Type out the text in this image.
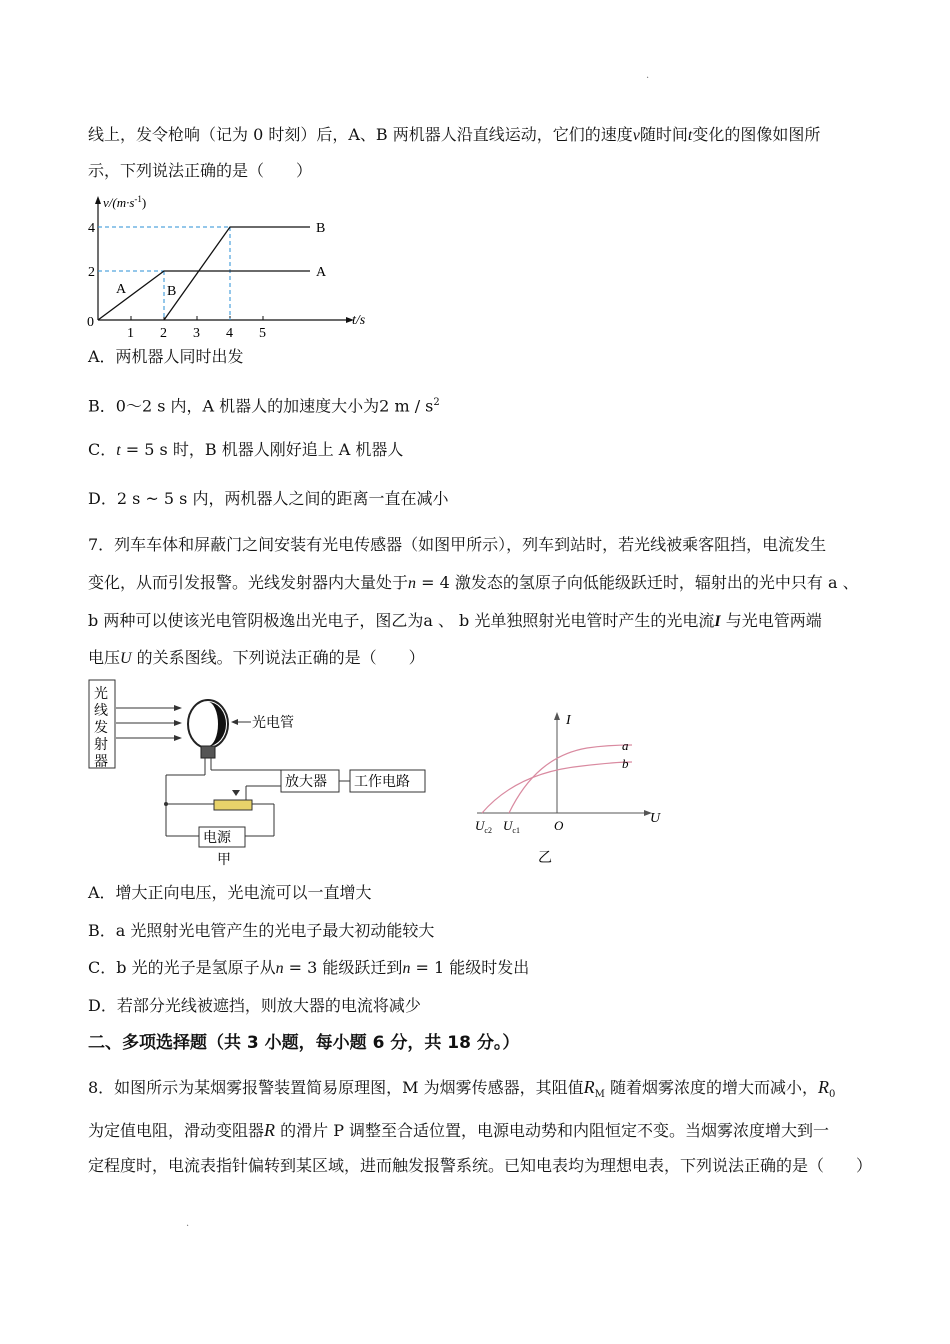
.
线上，发令枪响（记为 0 时刻）后，A、B 两机器人沿直线运动，它们的速度v随时间t变化的图像如图所
示，下列说法正确的是（　　）
$v/(m\cdot s^{-1})$
4
2
0
1 2 3 4 5
t/s
A	B
A
B
A．两机器人同时出发
B．0～2 s 内，A 机器人的加速度大小为2 m / $s^2$
C．t = 5 s 时，B 机器人刚好追上 A 机器人
D．2 s ~ 5 s 内，两机器人之间的距离一直在减小
7．列车车体和屏蔽门之间安装有光电传感器（如图甲所示），列车到站时，若光线被乘客阻挡，电流发生
变化，从而引发报警。光线发射器内大量处于n = 4 激发态的氢原子向低能级跃迁时，辐射出的光中只有 a 、
b 两种可以使该光电管阴极逸出光电子，图乙为a 、 b 光单独照射光电管时产生的光电流I 与光电管两端
电压U 的关系图线。下列说法正确的是（　　）
光
线
发
射
器
光电管
放大器 工作电路
电源
甲
I
U
O
a
b
$U_{c2}$ $U_{c1}$
乙
A．增大正向电压，光电流可以一直增大
B．a 光照射光电管产生的光电子最大初动能较大
C．b 光的光子是氢原子从n = 3 能级跃迁到n = 1 能级时发出
D．若部分光线被遮挡，则放大器的电流将减少
二、多项选择题（共 3 小题，每小题 6 分，共 18 分。）
8．如图所示为某烟雾报警装置简易原理图，M 为烟雾传感器，其阻值$R_M$ 随着烟雾浓度的增大而减小，$R_0$
为定值电阻，滑动变阻器R 的滑片 P 调整至合适位置，电源电动势和内阻恒定不变。当烟雾浓度增大到一
定程度时，电流表指针偏转到某区域，进而触发报警系统。已知电表均为理想电表，下列说法正确的是（　　）
.
